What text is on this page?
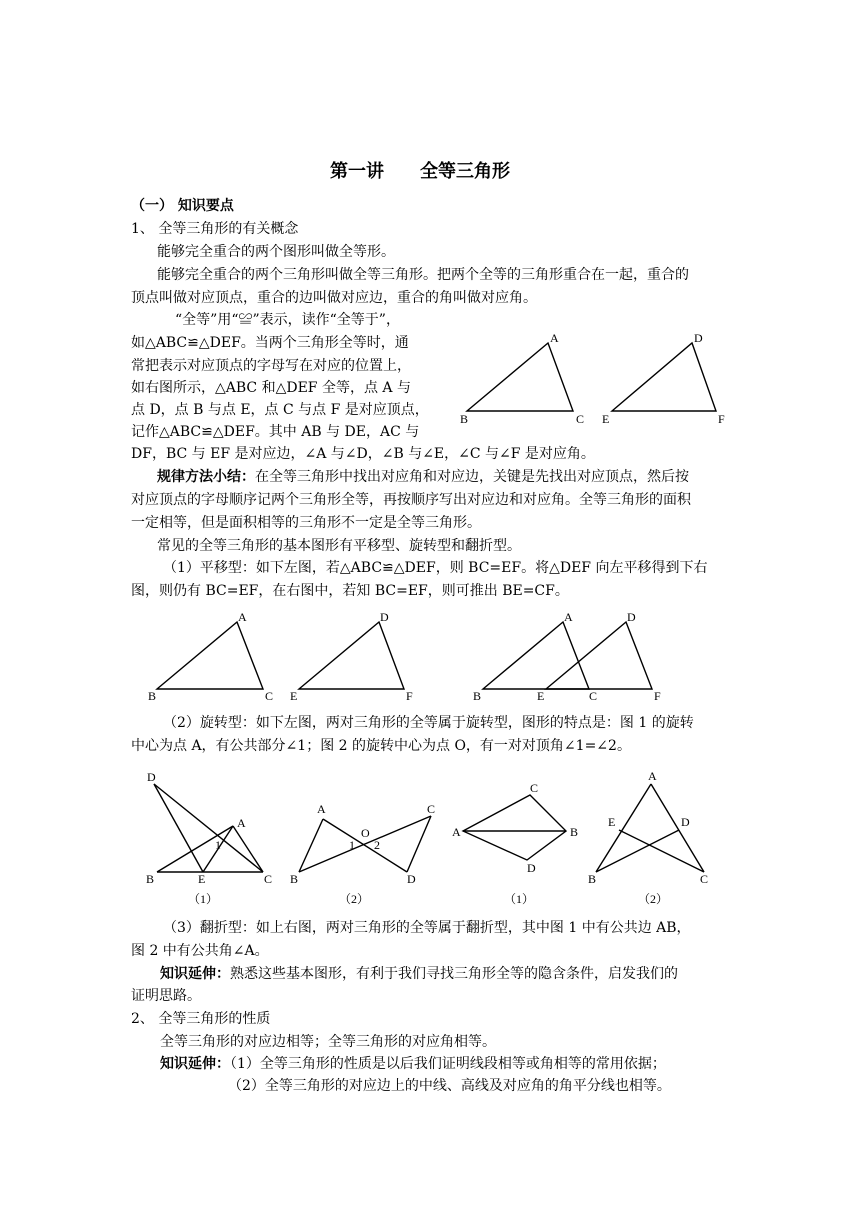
第一讲　　全等三角形
（一） 知识要点
1、 全等三角形的有关概念
能够完全重合的两个图形叫做全等形。
能够完全重合的两个三角形叫做全等三角形。把两个全等的三角形重合在一起，重合的
顶点叫做对应顶点，重合的边叫做对应边，重合的角叫做对应角。
“全等”用“≌”表示，读作“全等于”，
如△ABC≌△DEF。当两个三角形全等时，通
常把表示对应顶点的字母写在对应的位置上，
如右图所示，△ABC 和△DEF 全等，点 A 与
点 D，点 B 与点 E，点 C 与点 F 是对应顶点，
记作△ABC≌△DEF。其中 AB 与 DE，AC 与
DF，BC 与 EF 是对应边，∠A 与∠D，∠B 与∠E，∠C 与∠F 是对应角。
规律方法小结：在全等三角形中找出对应角和对应边，关键是先找出对应顶点，然后按
对应顶点的字母顺序记两个三角形全等，再按顺序写出对应边和对应角。全等三角形的面积
一定相等，但是面积相等的三角形不一定是全等三角形。
常见的全等三角形的基本图形有平移型、旋转型和翻折型。
（1）平移型：如下左图，若△ABC≌△DEF，则 BC=EF。将△DEF 向左平移得到下右
图，则仍有 BC=EF，在右图中，若知 BC=EF，则可推出 BE=CF。
（2）旋转型：如下左图，两对三角形的全等属于旋转型，图形的特点是：图 1 的旋转
中心为点 A，有公共部分∠1；图 2 的旋转中心为点 O，有一对对顶角∠1=∠2。
（3）翻折型：如上右图，两对三角形的全等属于翻折型，其中图 1 中有公共边 AB，
图 2 中有公共角∠A。
知识延伸：熟悉这些基本图形，有利于我们寻找三角形全等的隐含条件，启发我们的
证明思路。
2、 全等三角形的性质
全等三角形的对应边相等；全等三角形的对应角相等。
知识延伸：（1）全等三角形的性质是以后我们证明线段相等或角相等的常用依据；
（2）全等三角形的对应边上的中线、高线及对应角的角平分线也相等。
A
B	C
D
E	F
A
B	C
D
E	F
A
B	E	C
D
F
D
A
B	E	C
1
A	C
O
1 2
B	D
C
A	B
D
A
E	D
B	C
（1）	（2）	（1）	（2）
